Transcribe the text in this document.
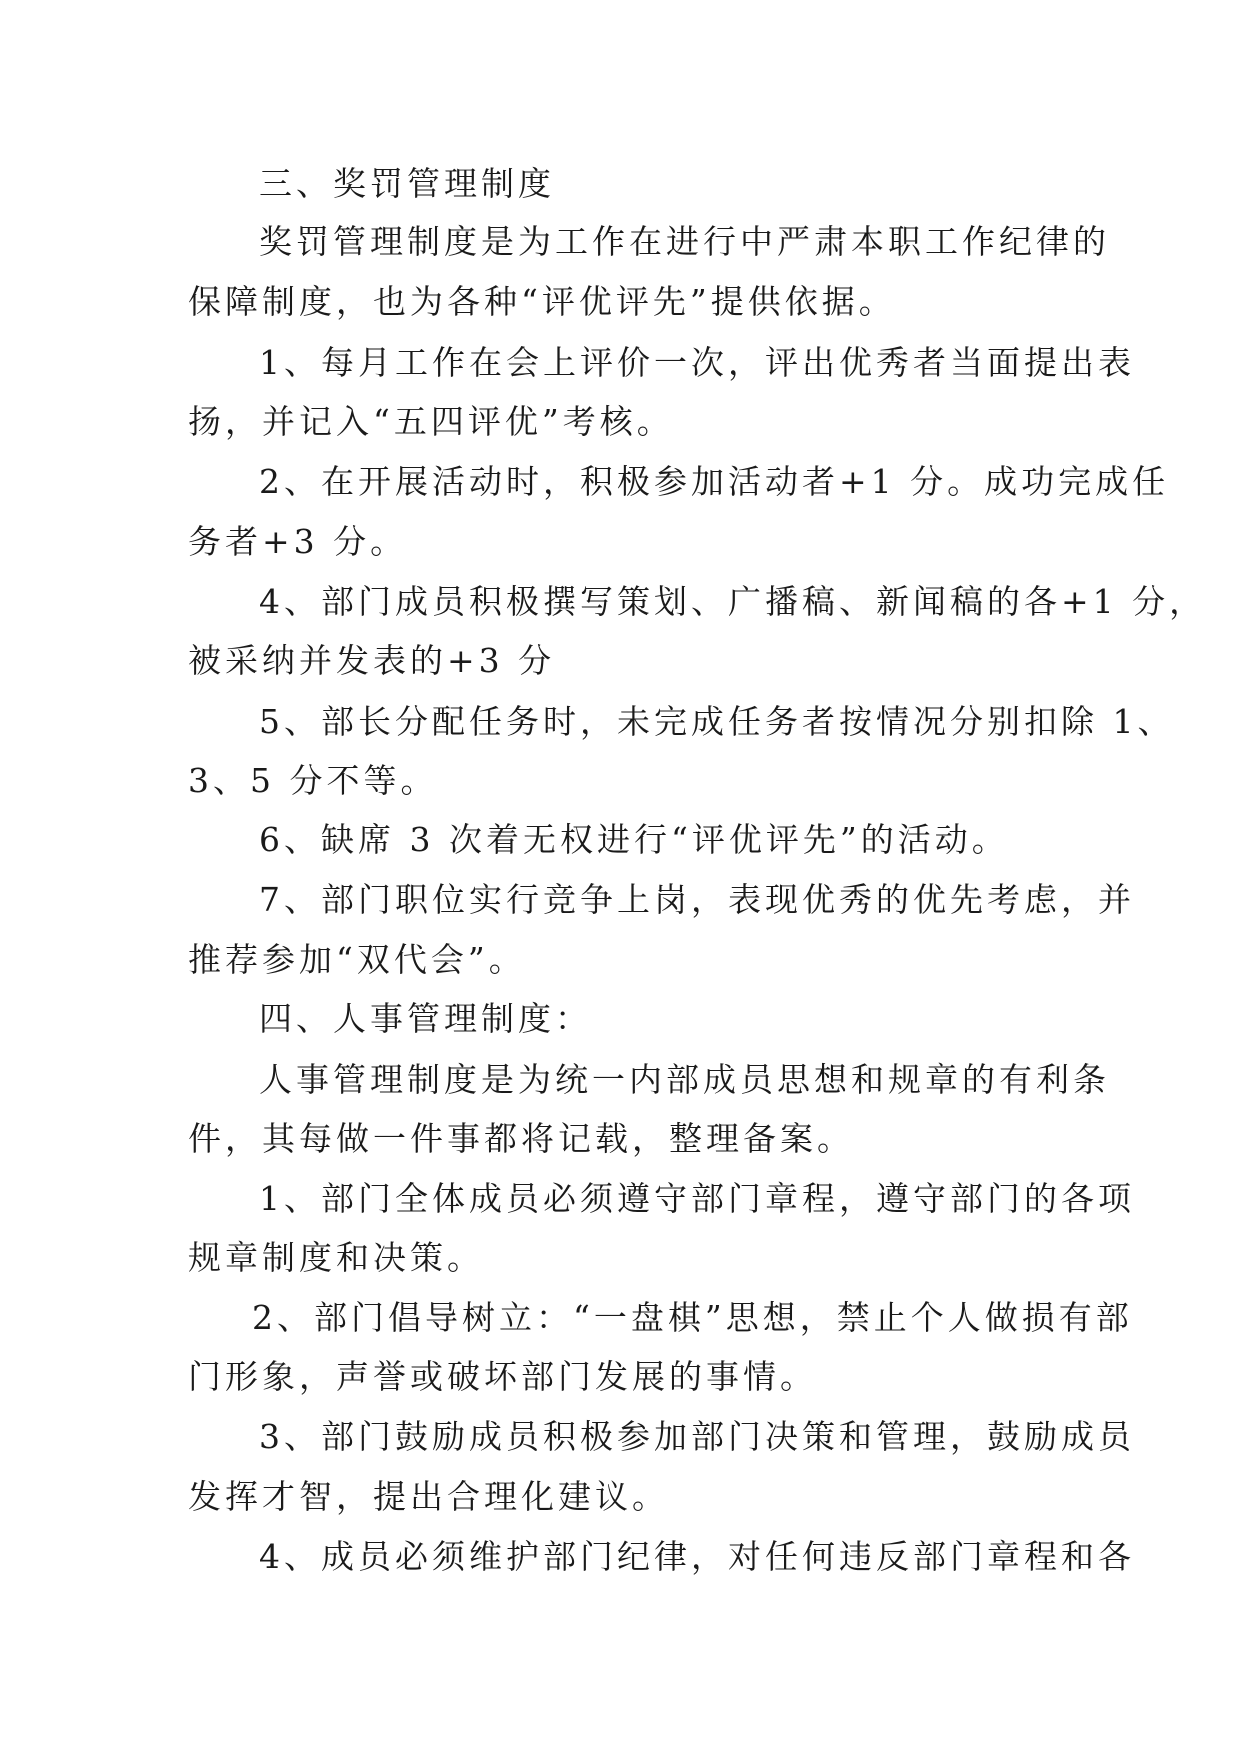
三、奖罚管理制度
奖罚管理制度是为工作在进行中严肃本职工作纪律的
保障制度，也为各种“评优评先”提供依据。
1、每月工作在会上评价一次，评出优秀者当面提出表
扬，并记入“五四评优”考核。
2、在开展活动时，积极参加活动者+1 分。成功完成任
务者+3 分。
4、部门成员积极撰写策划、广播稿、新闻稿的各+1 分，
被采纳并发表的+3 分
5、部长分配任务时，未完成任务者按情况分别扣除 1、
3、5 分不等。
6、缺席 3 次着无权进行“评优评先”的活动。
7、部门职位实行竞争上岗，表现优秀的优先考虑，并
推荐参加“双代会”。
四、人事管理制度：
人事管理制度是为统一内部成员思想和规章的有利条
件，其每做一件事都将记载，整理备案。
1、部门全体成员必须遵守部门章程，遵守部门的各项
规章制度和决策。
2、部门倡导树立：“一盘棋”思想，禁止个人做损有部
门形象，声誉或破坏部门发展的事情。
3、部门鼓励成员积极参加部门决策和管理，鼓励成员
发挥才智，提出合理化建议。
4、成员必须维护部门纪律，对任何违反部门章程和各
